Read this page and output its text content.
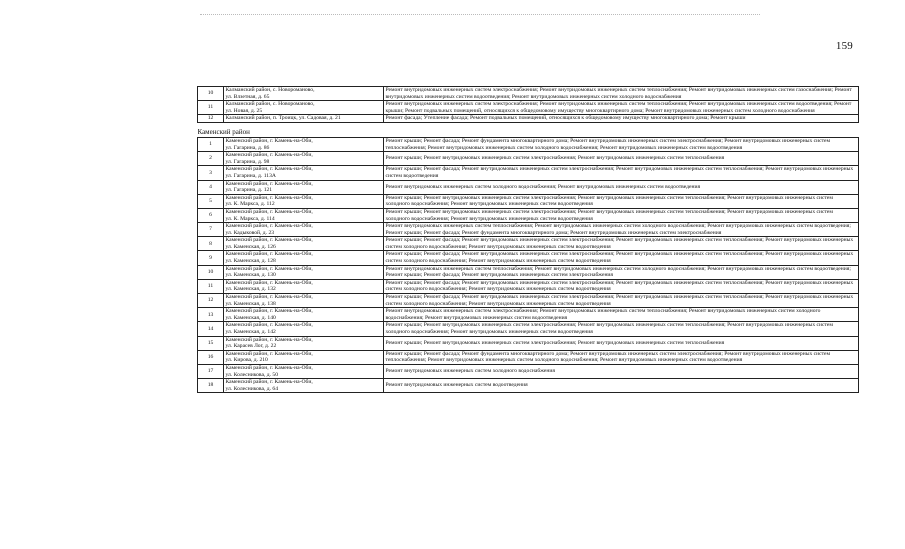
159
10	Калманский район, с. Новороманово,
ул. Влзетная, д. 65	Ремонт внутридомовых инженерных систем электроснабжения; Ремонт внутридомовых инженерных систем теплоснабжения; Ремонт внутридомовых инженерных систем газоснабжения; Ремонт внутридомовых инженерных систем водоотведения; Ремонт внутридомовых инженерных систем холодного водоснабжения
11	Калманский район, с. Новороманово,
ул. Новая, д. 25	Ремонт внутридомовых инженерных систем электроснабжения; Ремонт внутридомовых инженерных систем теплоснабжения; Ремонт внутридомовых инженерных систем водоотведения; Ремонт крыши; Ремонт подвальных помещений, относящихся к общедомовому имуществу многоквартирного дома; Ремонт внутридомовых инженерных систем холодного водоснабжения
12	Калманский район, п. Троицк, ул. Садовая, д. 21	Ремонт фасада; Утепление фасада; Ремонт подвальных помещений, относящихся к общедомовому имуществу многоквартирного дома; Ремонт крыши
Каменский район		
1	Каменский район, г. Камень-на-Оби,
ул. Гагарина, д. 86	Ремонт крыши; Ремонт фасада; Ремонт фундамента многоквартирного дома; Ремонт внутридомовых инженерных систем электроснабжения; Ремонт внутридомовых инженерных систем теплоснабжения; Ремонт внутридомовых инженерных систем холодного водоснабжения; Ремонт внутридомовых инженерных систем водоотведения
2	Каменский район, г. Камень-на-Оби,
ул. Гагарина, д. 98	Ремонт крыши; Ремонт внутридомовых инженерных систем электроснабжения; Ремонт внутридомовых инженерных систем теплоснабжения
3	Каменский район, г. Камень-на-Оби,
ул. Гагарина, д. 113А	Ремонт крыши; Ремонт фасада; Ремонт внутридомовых инженерных систем электроснабжения; Ремонт внутридомовых инженерных систем теплоснабжения; Ремонт внутридомовых инженерных систем водоотведения
4	Каменский район, г. Камень-на-Оби,
ул. Гагарина, д. 121	Ремонт внутридомовых инженерных систем холодного водоснабжения; Ремонт внутридомовых инженерных систем водоотведения
5	Каменский район, г. Камень-на-Оби,
ул. К. Маркса, д. 112	Ремонт крыши; Ремонт внутридомовых инженерных систем электроснабжения; Ремонт внутридомовых инженерных систем теплоснабжения; Ремонт внутридомовых инженерных систем холодного водоснабжения; Ремонт внутридомовых инженерных систем водоотведения
6	Каменский район, г. Камень-на-Оби,
ул. К. Маркса, д. 114	Ремонт крыши; Ремонт внутридомовых инженерных систем электроснабжения; Ремонт внутридомовых инженерных систем теплоснабжения; Ремонт внутридомовых инженерных систем холодного водоснабжения; Ремонт внутридомовых инженерных систем водоотведения
7	Каменский район, г. Камень-на-Оби,
ул. Кадыковой, д. 23	Ремонт внутридомовых инженерных систем теплоснабжения; Ремонт внутридомовых инженерных систем холодного водоснабжения; Ремонт внутридомовых инженерных систем водоотведения; Ремонт крыши; Ремонт фасада; Ремонт фундамента многоквартирного дома; Ремонт внутридомовых инженерных систем электроснабжения
8	Каменский район, г. Камень-на-Оби,
ул. Каменская, д. 126	Ремонт крыши; Ремонт фасада; Ремонт внутридомовых инженерных систем электроснабжения; Ремонт внутридомовых инженерных систем теплоснабжения; Ремонт внутридомовых инженерных систем холодного водоснабжения; Ремонт внутридомовых инженерных систем водоотведения
9	Каменский район, г. Камень-на-Оби,
ул. Каменская, д. 128	Ремонт крыши; Ремонт фасада; Ремонт внутридомовых инженерных систем электроснабжения; Ремонт внутридомовых инженерных систем теплоснабжения; Ремонт внутридомовых инженерных систем холодного водоснабжения; Ремонт внутридомовых инженерных систем водоотведения
10	Каменский район, г. Камень-на-Оби,
ул. Каменская, д. 130	Ремонт внутридомовых инженерных систем теплоснабжения; Ремонт внутридомовых инженерных систем холодного водоснабжения; Ремонт внутридомовых инженерных систем водоотведения; Ремонт крыши; Ремонт фасада; Ремонт внутридомовых инженерных систем электроснабжения
11	Каменский район, г. Камень-на-Оби,
ул. Каменская, д. 132	Ремонт крыши; Ремонт фасада; Ремонт внутридомовых инженерных систем электроснабжения; Ремонт внутридомовых инженерных систем теплоснабжения; Ремонт внутридомовых инженерных систем холодного водоснабжения; Ремонт внутридомовых инженерных систем водоотведения
12	Каменский район, г. Камень-на-Оби,
ул. Каменская, д. 138	Ремонт крыши; Ремонт фасада; Ремонт внутридомовых инженерных систем электроснабжения; Ремонт внутридомовых инженерных систем теплоснабжения; Ремонт внутридомовых инженерных систем холодного водоснабжения; Ремонт внутридомовых инженерных систем водоотведения
13	Каменский район, г. Камень-на-Оби,
ул. Каменская, д. 140	Ремонт внутридомовых инженерных систем электроснабжения; Ремонт внутридомовых инженерных систем теплоснабжения; Ремонт внутридомовых инженерных систем холодного водоснабжения; Ремонт внутридомовых инженерных систем водоотведения
14	Каменский район, г. Камень-на-Оби,
ул. Каменская, д. 142	Ремонт крыши; Ремонт внутридомовых инженерных систем электроснабжения; Ремонт внутридомовых инженерных систем теплоснабжения; Ремонт внутридомовых инженерных систем холодного водоснабжения; Ремонт внутридомовых инженерных систем водоотведения
15	Каменский район, г. Камень-на-Оби,
ул. Карасев Лог, д. 22	Ремонт крыши; Ремонт внутридомовых инженерных систем электроснабжения; Ремонт внутридомовых инженерных систем теплоснабжения
16	Каменский район, г. Камень-на-Оби,
ул. Кирова, д. 210	Ремонт крыши; Ремонт фасада; Ремонт фундамента многоквартирного дома; Ремонт внутридомовых инженерных систем электроснабжения; Ремонт внутридомовых инженерных систем теплоснабжения; Ремонт внутридомовых инженерных систем холодного водоснабжения; Ремонт внутридомовых инженерных систем водоотведения
17	Каменский район, г. Камень-на-Оби,
ул. Колесникова, д. 50	Ремонт внутридомовых инженерных систем холодного водоснабжения
18	Каменский район, г. Камень-на-Оби,
ул. Колесникова, д. 64	Ремонт внутридомовых инженерных систем водоотведения
